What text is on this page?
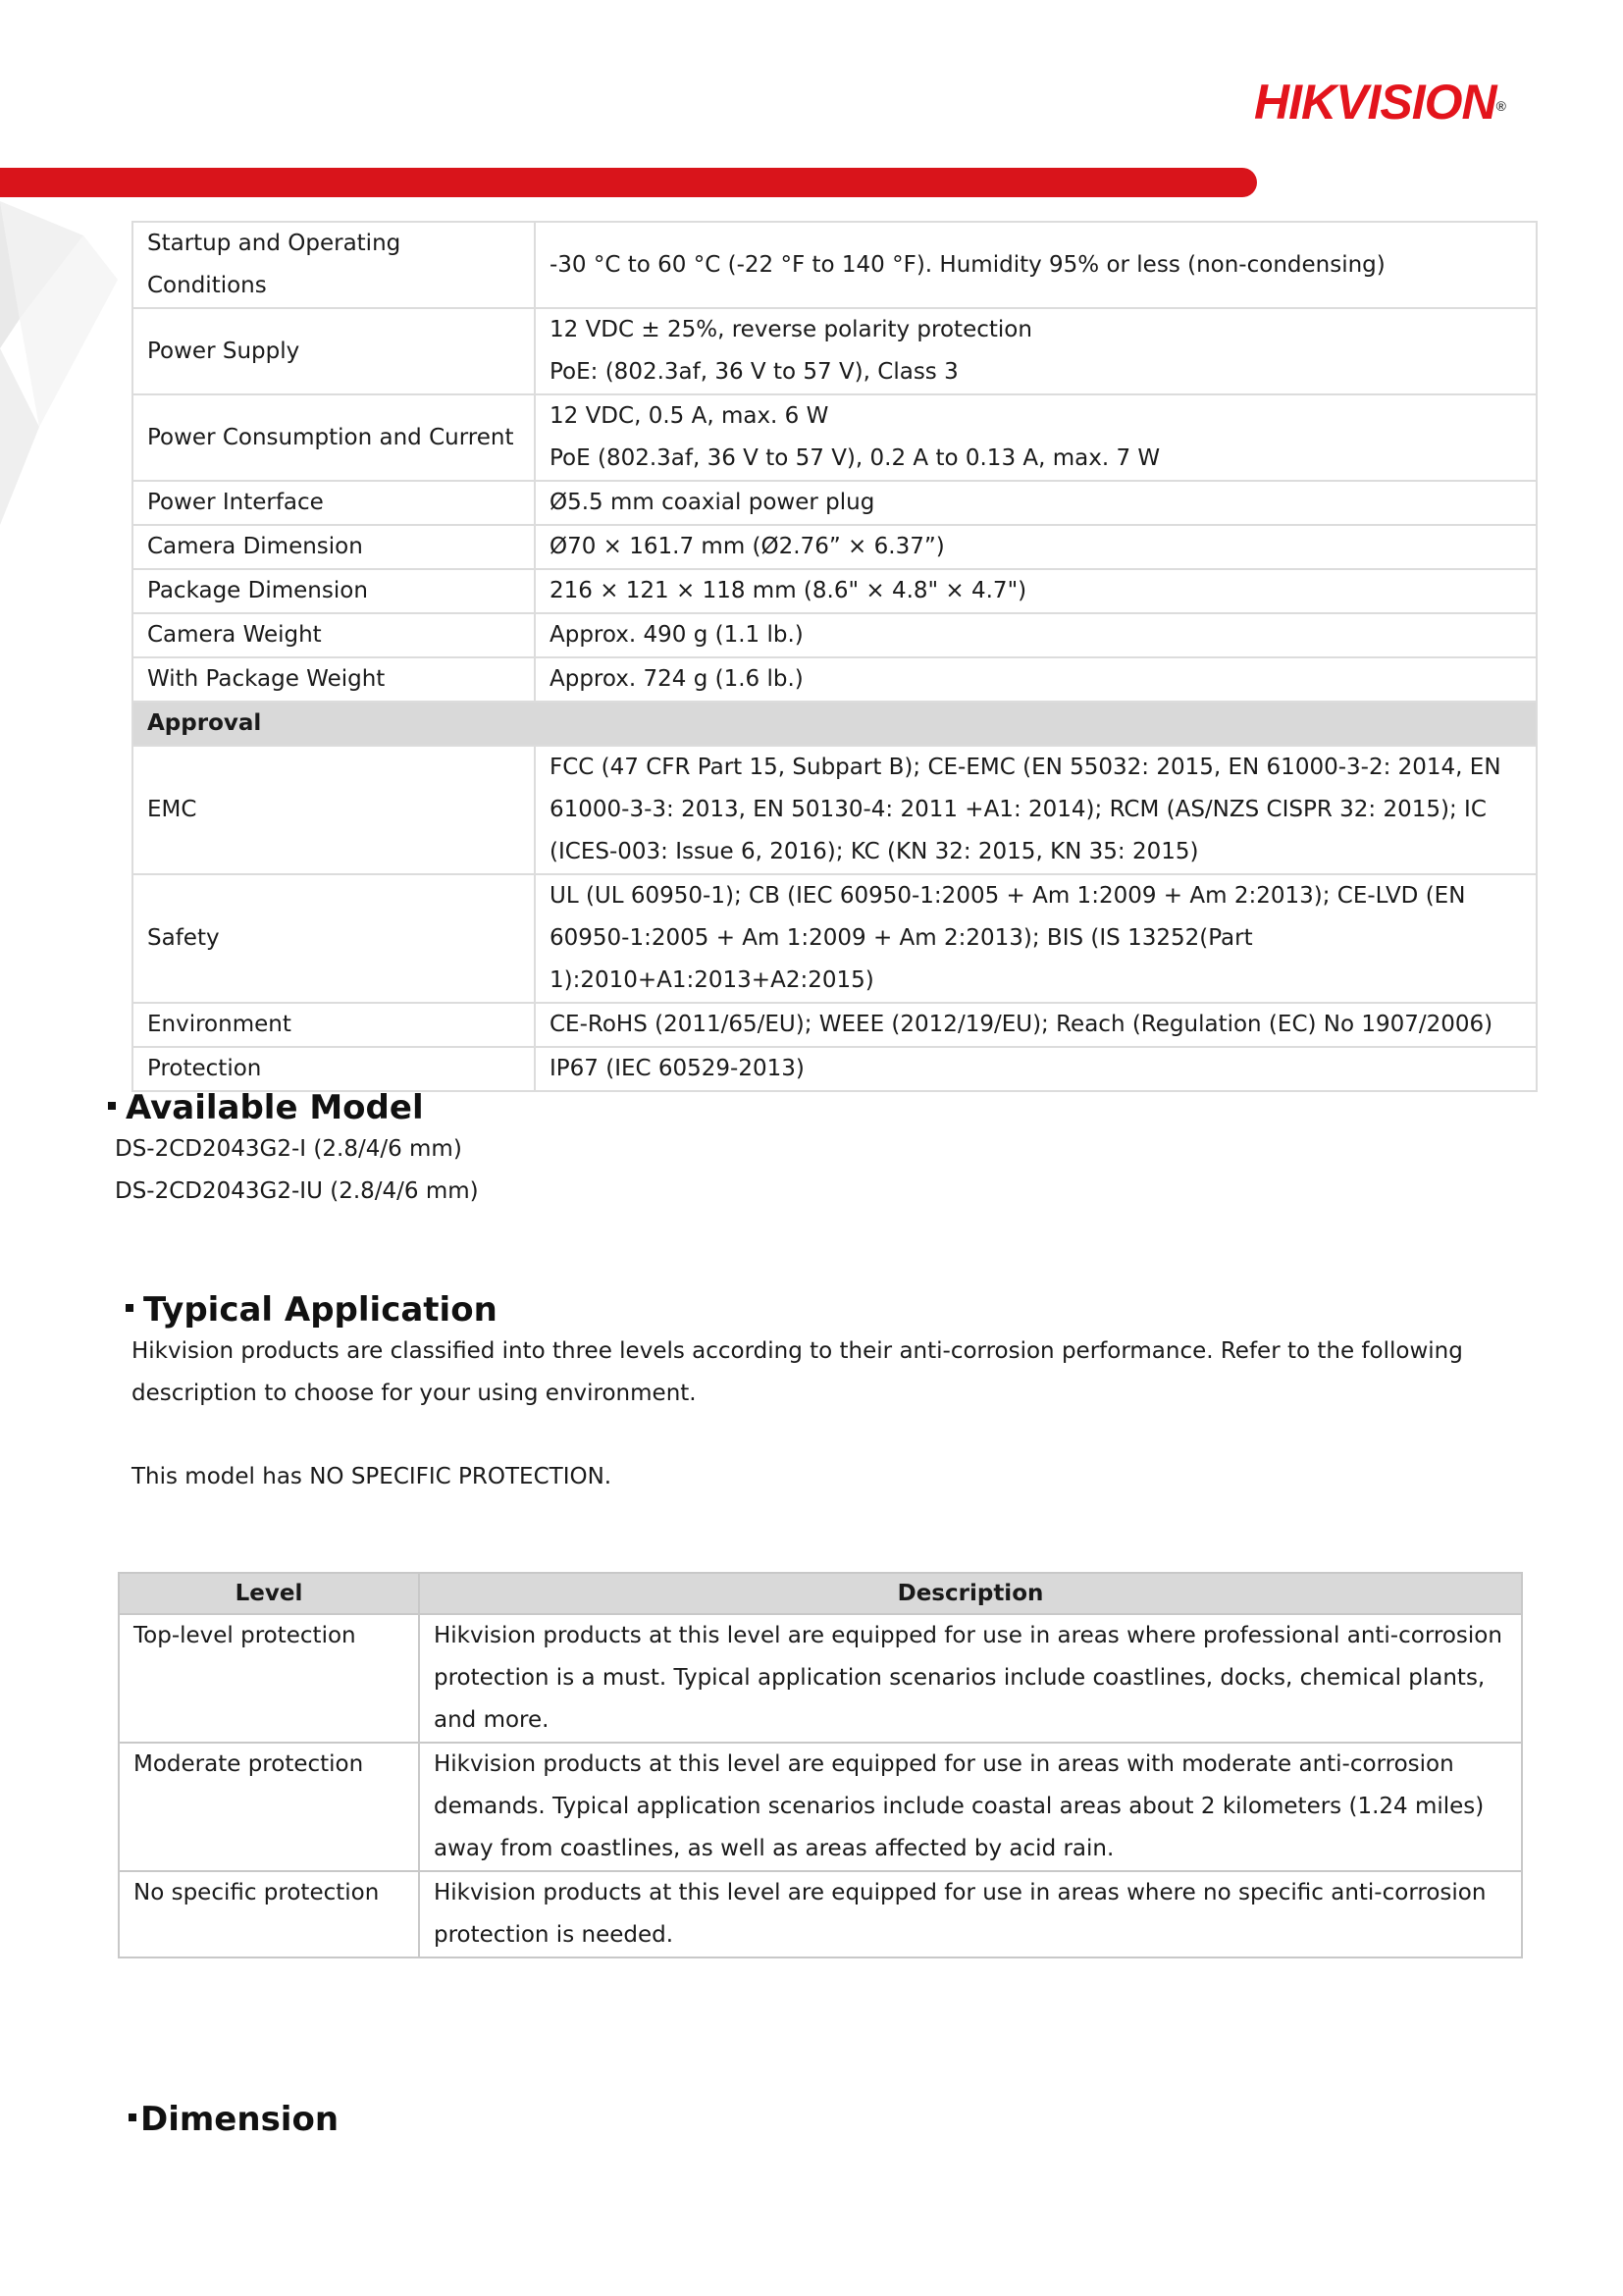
HIKVISION®
Startup and Operating Conditions	-30 °C to 60 °C (-22 °F to 140 °F). Humidity 95% or less (non-condensing)

Power Supply	12 VDC ± 25%, reverse polarity protection
PoE: (802.3af, 36 V to 57 V), Class 3

Power Consumption and Current	12 VDC, 0.5 A, max. 6 W
PoE (802.3af, 36 V to 57 V), 0.2 A to 0.13 A, max. 7 W

Power Interface	Ø5.5 mm coaxial power plug
Camera Dimension	Ø70 × 161.7 mm (Ø2.76” × 6.37”)
Package Dimension	216 × 121 × 118 mm (8.6" × 4.8" × 4.7")
Camera Weight	Approx. 490 g (1.1 lb.)
With Package Weight	Approx. 724 g (1.6 lb.)
Approval	
EMC	FCC (47 CFR Part 15, Subpart B); CE-EMC (EN 55032: 2015, EN 61000-3-2: 2014, EN 61000-3-3: 2013, EN 50130-4: 2011 +A1: 2014); RCM (AS/NZS CISPR 32: 2015); IC (ICES-003: Issue 6, 2016); KC (KN 32: 2015, KN 35: 2015)
Safety	UL (UL 60950-1); CB (IEC 60950-1:2005 + Am 1:2009 + Am 2:2013); CE-LVD (EN 60950-1:2005 + Am 1:2009 + Am 2:2013); BIS (IS 13252(Part 1):2010+A1:2013+A2:2015)
Environment	CE-RoHS (2011/65/EU); WEEE (2012/19/EU); Reach (Regulation (EC) No 1907/2006)
Protection	IP67 (IEC 60529-2013)
Available Model
DS-2CD2043G2-I (2.8/4/6 mm)
DS-2CD2043G2-IU (2.8/4/6 mm)
Typical Application
Hikvision products are classified into three levels according to their anti-corrosion performance. Refer to the following description to choose for your using environment.
This model has NO SPECIFIC PROTECTION.
Level	Description
Top-level protection	Hikvision products at this level are equipped for use in areas where professional anti-corrosion protection is a must. Typical application scenarios include coastlines, docks, chemical plants, and more.
Moderate protection	Hikvision products at this level are equipped for use in areas with moderate anti-corrosion demands. Typical application scenarios include coastal areas about 2 kilometers (1.24 miles) away from coastlines, as well as areas affected by acid rain.
No specific protection	Hikvision products at this level are equipped for use in areas where no specific anti-corrosion protection is needed.
Dimension
